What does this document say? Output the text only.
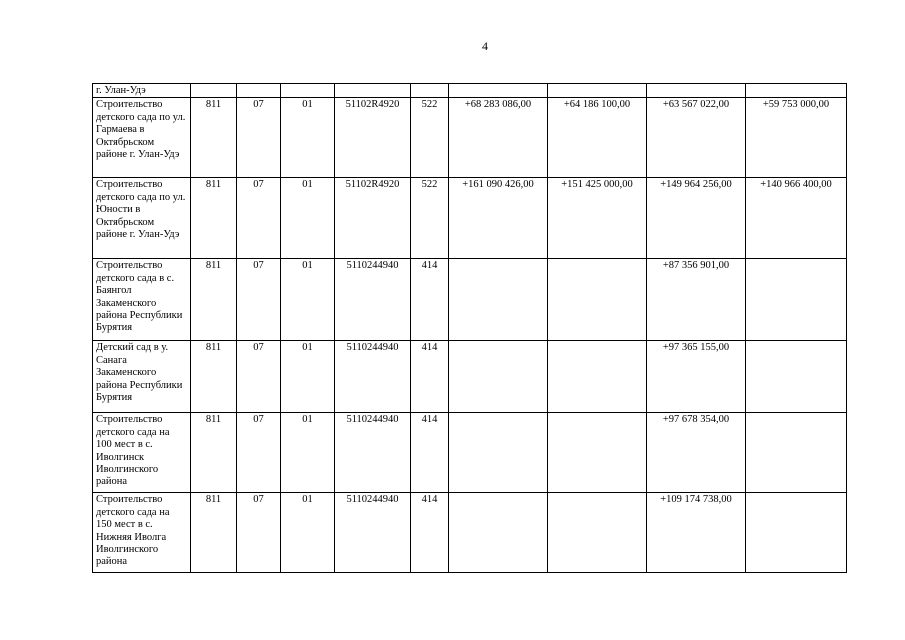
4
г. Улан-Удэ									
Строительство детского сада по ул. Гармаева в Октябрьском районе г. Улан-Удэ	811	07	01	51102R4920	522	+68 283 086,00	+64 186 100,00	+63 567 022,00	+59 753 000,00
Строительство детского сада по ул. Юности в Октябрьском районе г. Улан-Удэ	811	07	01	51102R4920	522	+161 090 426,00	+151 425 000,00	+149 964 256,00	+140 966 400,00
Строительство детского сада в с. Баянгол Закаменского района Республики Бурятия	811	07	01	5110244940	414			+87 356 901,00	
Детский сад в у. Санага Закаменского района Республики Бурятия	811	07	01	5110244940	414			+97 365 155,00	
Строительство детского сада на 100 мест в с. Иволгинск Иволгинского района	811	07	01	5110244940	414			+97 678 354,00	
Строительство детского сада на 150 мест в с. Нижняя Иволга Иволгинского района	811	07	01	5110244940	414			+109 174 738,00	
